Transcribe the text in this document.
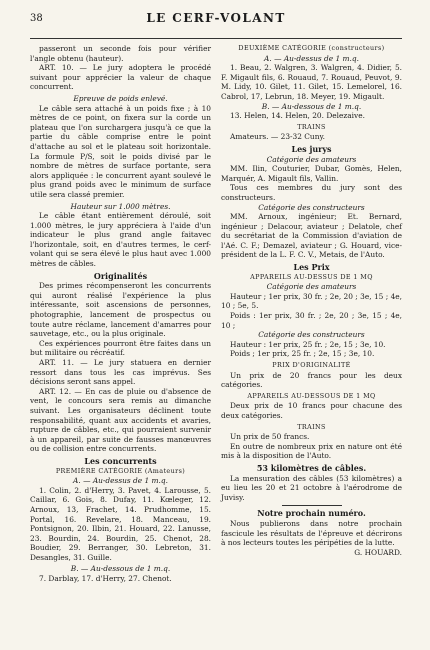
38	LE CERF-VOLANT

passeront un seconde fois pour vérifier l'angle obtenu (hauteur).

ART. 10. — Le jury adoptera le procédé suivant pour apprécier la valeur de chaque concurrent.

Epreuve de poids enlevé.

Le câble sera attaché à un poids fixe ; à 10 mètres de ce point, on fixera sur la corde un plateau que l'on surchargera jusqu'à ce que la partie du câble comprise entre le point d'attache au sol et le plateau soit horizontale. La formule P/S, soit le poids divisé par le nombre de mètres de surface portante, sera alors appliquée : le concurrent ayant soulevé le plus grand poids avec le minimum de surface utile sera classé premier.

Hauteur sur 1.000 mètres.

Le câble étant entièrement déroulé, soit 1.000 mètres, le jury appréciera à l'aide d'un indicateur le plus grand angle faitavec l'horizontale, soit, en d'autres termes, le cerf-volant qui se sera élevé le plus haut avec 1.000 mètres de câbles.

Originalités

Des primes récompenseront les concurrents qui auront réalisé l'expérience la plus intéressante, soit ascensions de personnes, photographie, lancement de prospectus ou toute autre réclame, lancement d'amarres pour sauvetage, etc., ou la plus originale.

Ces expériences pourront être faites dans un but militaire ou récréatif.

ART. 11. — Le jury statuera en dernier ressort dans tous les cas imprévus. Ses décisions seront sans appel.

ART. 12. — En cas de pluie ou d'absence de vent, le concours sera remis au dimanche suivant. Les organisateurs déclinent toute responsabilité, quant aux accidents et avaries, rupture de câbles, etc., qui pourraient survenir à un appareil, par suite de fausses manœuvres ou de collision entre concurrents.

Les concurrents
PREMIÈRE CATÉGORIE (Amateurs)
A. — Au-dessus de 1 m.q.

1. Colin, 2. d'Herry, 3. Pavet, 4. Larousse, 5. Caillar, 6. Gois, 8. Dufay, 11. Kœleger, 12. Arnoux, 13, Frachet, 14. Prudhomme, 15. Portal, 16. Revelare, 18. Manceau, 19. Pontsignon, 20. Ilbin, 21. Houard, 22. Lanusse, 23. Bourdin, 24. Bourdin, 25. Chenot, 28. Boudier, 29. Berranger, 30. Lebreton, 31. Desangles, 31. Guille.

B. — Au-dessous de 1 m.q.

7. Darblay, 17. d'Herry, 27. Chenot.

DEUXIÈME CATÉGORIE (constructeurs)
A. — Au-dessus de 1 m.q.

1. Beau, 2. Walgren, 3. Walgren, 4. Didier, 5. F. Migault fils, 6. Rouaud, 7. Rouaud, Peuvot, 9. M. Lidy, 10. Gilet, 11. Gilet, 15. Lemelorel, 16. Cabrol, 17, Lebrun, 18. Meyer, 19. Migault.

B. — Au-dessous de 1 m.q.

13. Helen, 14. Helen, 20. Delezaive.

TRAINS

Amateurs. — 23-32 Cuny.

Les jurys
Catégorie des amateurs

MM. Ilin, Couturier, Dubar, Gomès, Helen, Marquér, A. Migault fils, Vallin.

Tous ces membres du jury sont des constructeurs.

Catégorie des constructeurs

MM. Arnoux, ingénieur; Et. Bernard, ingénieur ; Delacour, aviateur ; Delatole, chef du secrétariat de la Commission d'aviation de l'Aé. C. F.; Demazel, aviateur ; G. Houard, vice-président de la L. F. C. V., Metais, de l'Auto.

Les Prix
APPAREILS AU-DESSUS DE 1 MQ
Catégorie des amateurs

Hauteur ; 1er prix, 30 fr. ; 2e, 20 ; 3e, 15 ; 4e, 10 ; 5e, 5.

Poids : 1er prix, 30 fr. ; 2e, 20 ; 3e, 15 ; 4e, 10 ;

Catégorie des constructeurs

Hauteur : 1er prix, 25 fr. ; 2e, 15 ; 3e, 10.

Poids ; 1er prix, 25 fr. ; 2e, 15 ; 3e, 10.

PRIX D'ORIGINALITÉ

Un prix de 20 francs pour les deux catégories.

APPAREILS AU-DESSOUS DE 1 MQ

Deux prix de 10 francs pour chacune des deux catégories.

TRAINS

Un prix de 50 francs.

En outre de nombreux prix en nature ont été mis à la disposition de l'Auto.

53 kilomètres de câbles.

La mensuration des câbles (53 kilomètres) a eu lieu les 20 et 21 octobre à l'aérodrome de Juvisy.

Notre prochain numéro.

Nous publierons dans notre prochain fascicule les résultats de l'épreuve et décrirons à nos lecteurs toutes les péripéties de la lutte.

G. HOUARD.
